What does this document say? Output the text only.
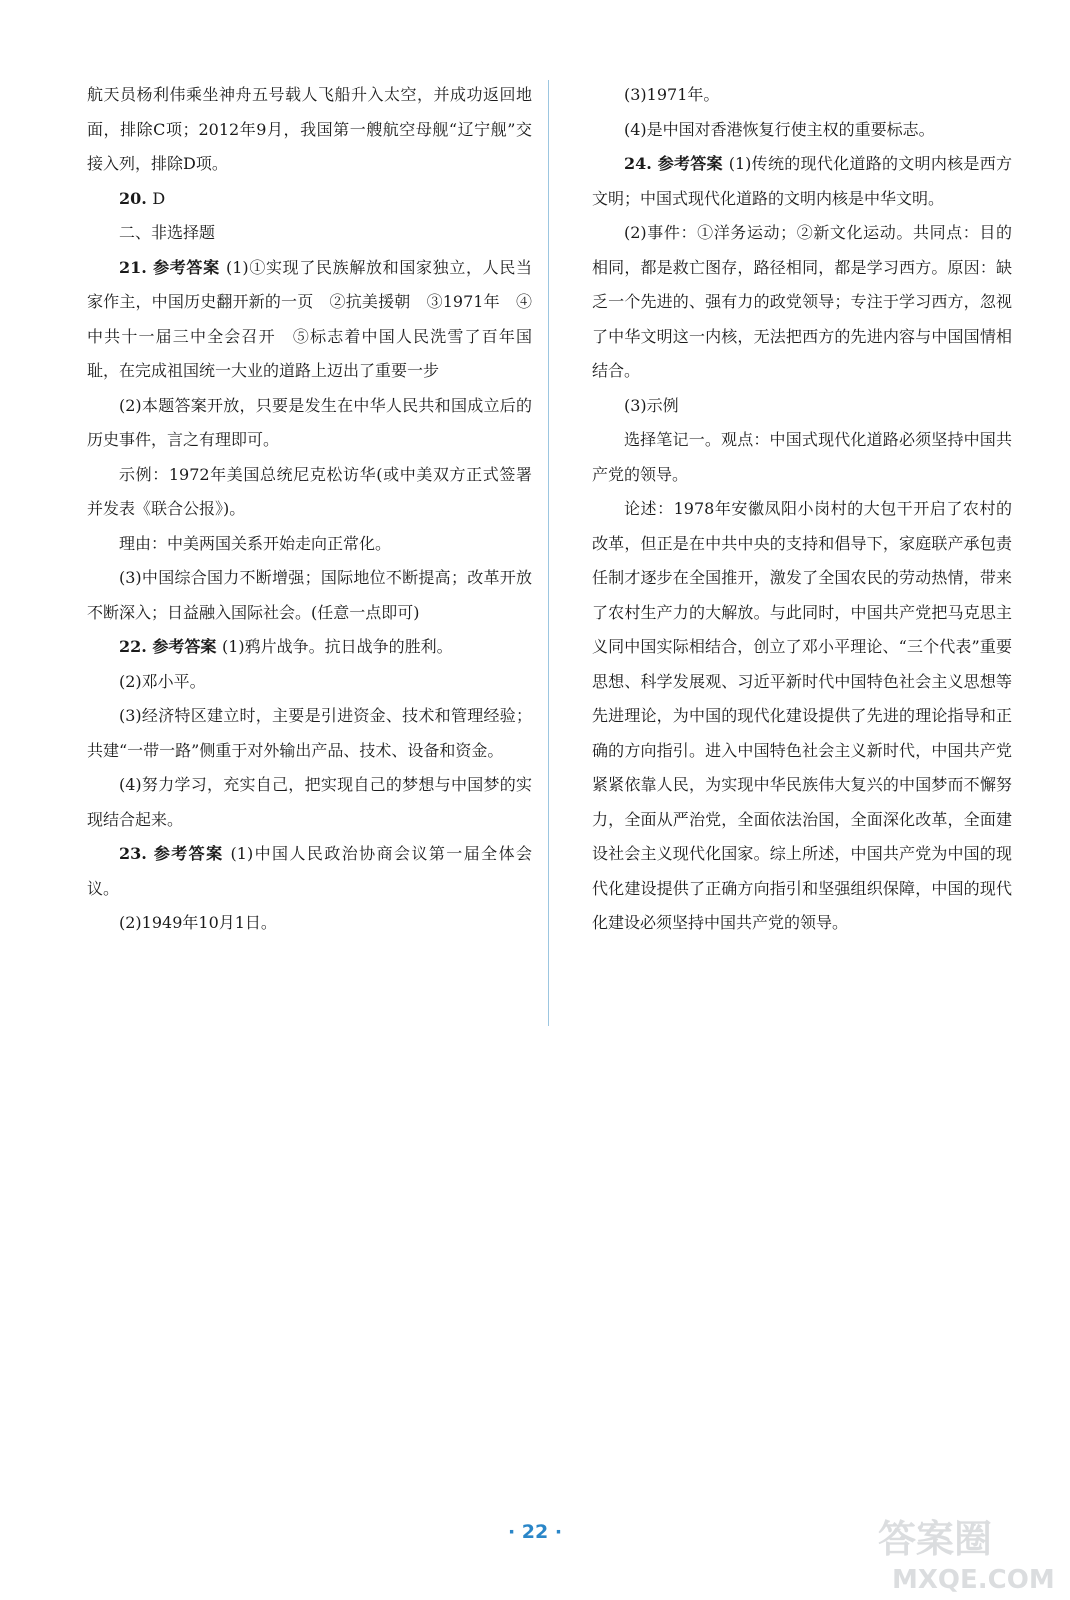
航天员杨利伟乘坐神舟五号载人飞船升入太空，并成功返回地面，排除C项；2012年9月，我国第一艘航空母舰“辽宁舰”交接入列，排除D项。

20. D

二、非选择题

21. 参考答案 (1)①实现了民族解放和国家独立，人民当家作主，中国历史翻开新的一页　②抗美援朝　③1971年　④中共十一届三中全会召开　⑤标志着中国人民洗雪了百年国耻，在完成祖国统一大业的道路上迈出了重要一步

(2)本题答案开放，只要是发生在中华人民共和国成立后的历史事件，言之有理即可。

示例：1972年美国总统尼克松访华(或中美双方正式签署并发表《联合公报》)。

理由：中美两国关系开始走向正常化。

(3)中国综合国力不断增强；国际地位不断提高；改革开放不断深入；日益融入国际社会。(任意一点即可)

22. 参考答案 (1)鸦片战争。抗日战争的胜利。

(2)邓小平。

(3)经济特区建立时，主要是引进资金、技术和管理经验；共建“一带一路”侧重于对外输出产品、技术、设备和资金。

(4)努力学习，充实自己，把实现自己的梦想与中国梦的实现结合起来。

23. 参考答案 (1)中国人民政治协商会议第一届全体会议。

(2)1949年10月1日。

(3)1971年。

(4)是中国对香港恢复行使主权的重要标志。

24. 参考答案 (1)传统的现代化道路的文明内核是西方文明；中国式现代化道路的文明内核是中华文明。

(2)事件：①洋务运动；②新文化运动。共同点：目的相同，都是救亡图存，路径相同，都是学习西方。原因：缺乏一个先进的、强有力的政党领导；专注于学习西方，忽视了中华文明这一内核，无法把西方的先进内容与中国国情相结合。

(3)示例

选择笔记一。观点：中国式现代化道路必须坚持中国共产党的领导。

论述：1978年安徽凤阳小岗村的大包干开启了农村的改革，但正是在中共中央的支持和倡导下，家庭联产承包责任制才逐步在全国推开，激发了全国农民的劳动热情，带来了农村生产力的大解放。与此同时，中国共产党把马克思主义同中国实际相结合，创立了邓小平理论、“三个代表”重要思想、科学发展观、习近平新时代中国特色社会主义思想等先进理论，为中国的现代化建设提供了先进的理论指导和正确的方向指引。进入中国特色社会主义新时代，中国共产党紧紧依靠人民，为实现中华民族伟大复兴的中国梦而不懈努力，全面从严治党，全面依法治国，全面深化改革，全面建设社会主义现代化国家。综上所述，中国共产党为中国的现代化建设提供了正确方向指引和坚强组织保障，中国的现代化建设必须坚持中国共产党的领导。

· 22 ·	答案圈
MXQE.COM
